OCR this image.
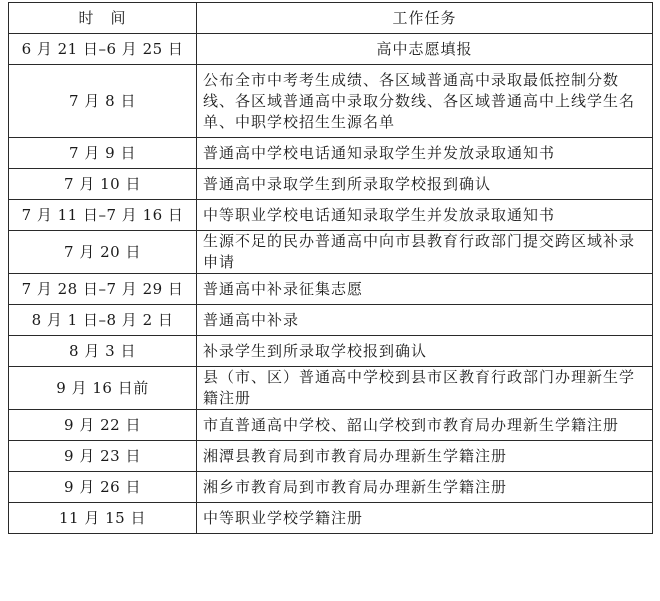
时　间	工作任务
6 月 21 日–6 月 25 日	高中志愿填报
7 月 8 日	公布全市中考考生成绩、各区域普通高中录取最低控制分数线、各区域普通高中录取分数线、各区域普通高中上线学生名单、中职学校招生生源名单
7 月 9 日	普通高中学校电话通知录取学生并发放录取通知书
7 月 10 日	普通高中录取学生到所录取学校报到确认
7 月 11 日–7 月 16 日	中等职业学校电话通知录取学生并发放录取通知书
7 月 20 日	生源不足的民办普通高中向市县教育行政部门提交跨区域补录申请
7 月 28 日–7 月 29 日	普通高中补录征集志愿
8 月 1 日–8 月 2 日	普通高中补录
8 月 3 日	补录学生到所录取学校报到确认
9 月 16 日前	县（市、区）普通高中学校到县市区教育行政部门办理新生学籍注册
9 月 22 日	市直普通高中学校、韶山学校到市教育局办理新生学籍注册
9 月 23 日	湘潭县教育局到市教育局办理新生学籍注册
9 月 26 日	湘乡市教育局到市教育局办理新生学籍注册
11 月 15 日	中等职业学校学籍注册
